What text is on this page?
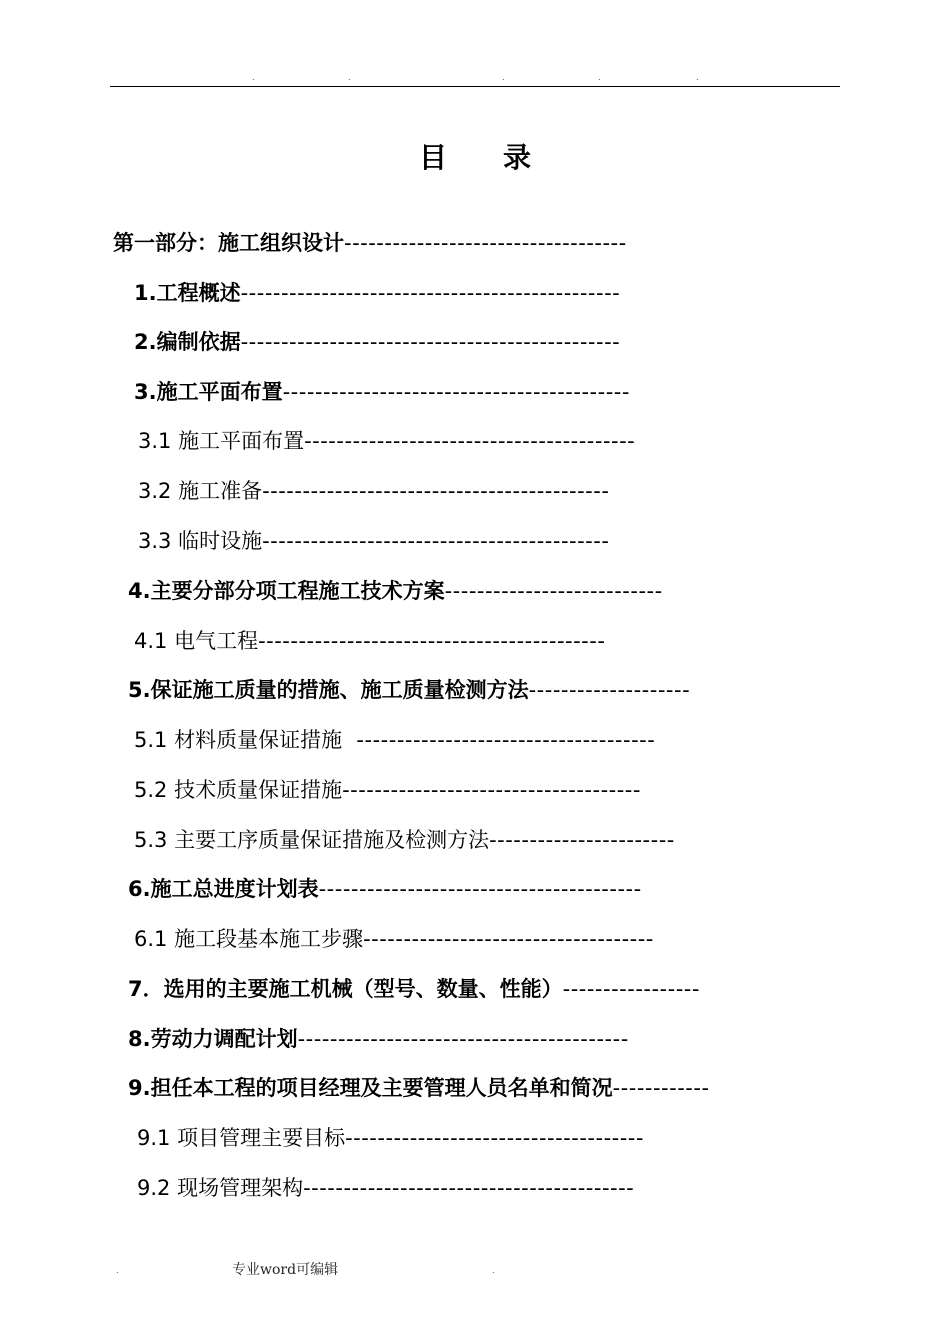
.	.	.	.	.
目　　录
第一部分：施工组织设计-----------------------------------
1.工程概述-----------------------------------------------
2.编制依据-----------------------------------------------
3.施工平面布置-------------------------------------------
3.1 施工平面布置-----------------------------------------
3.2 施工准备-------------------------------------------
3.3 临时设施-------------------------------------------
4.主要分部分项工程施工技术方案---------------------------
4.1 电气工程-------------------------------------------
5.保证施工质量的措施、施工质量检测方法--------------------
5.1 材料质量保证措施  -------------------------------------
5.2 技术质量保证措施-------------------------------------
5.3 主要工序质量保证措施及检测方法-----------------------
6.施工总进度计划表----------------------------------------
6.1 施工段基本施工步骤------------------------------------
7．选用的主要施工机械（型号、数量、性能）-----------------
8.劳动力调配计划-----------------------------------------
9.担任本工程的项目经理及主要管理人员名单和简况------------
9.1 项目管理主要目标-------------------------------------
9.2 现场管理架构-----------------------------------------
.	专业word可编辑	.
